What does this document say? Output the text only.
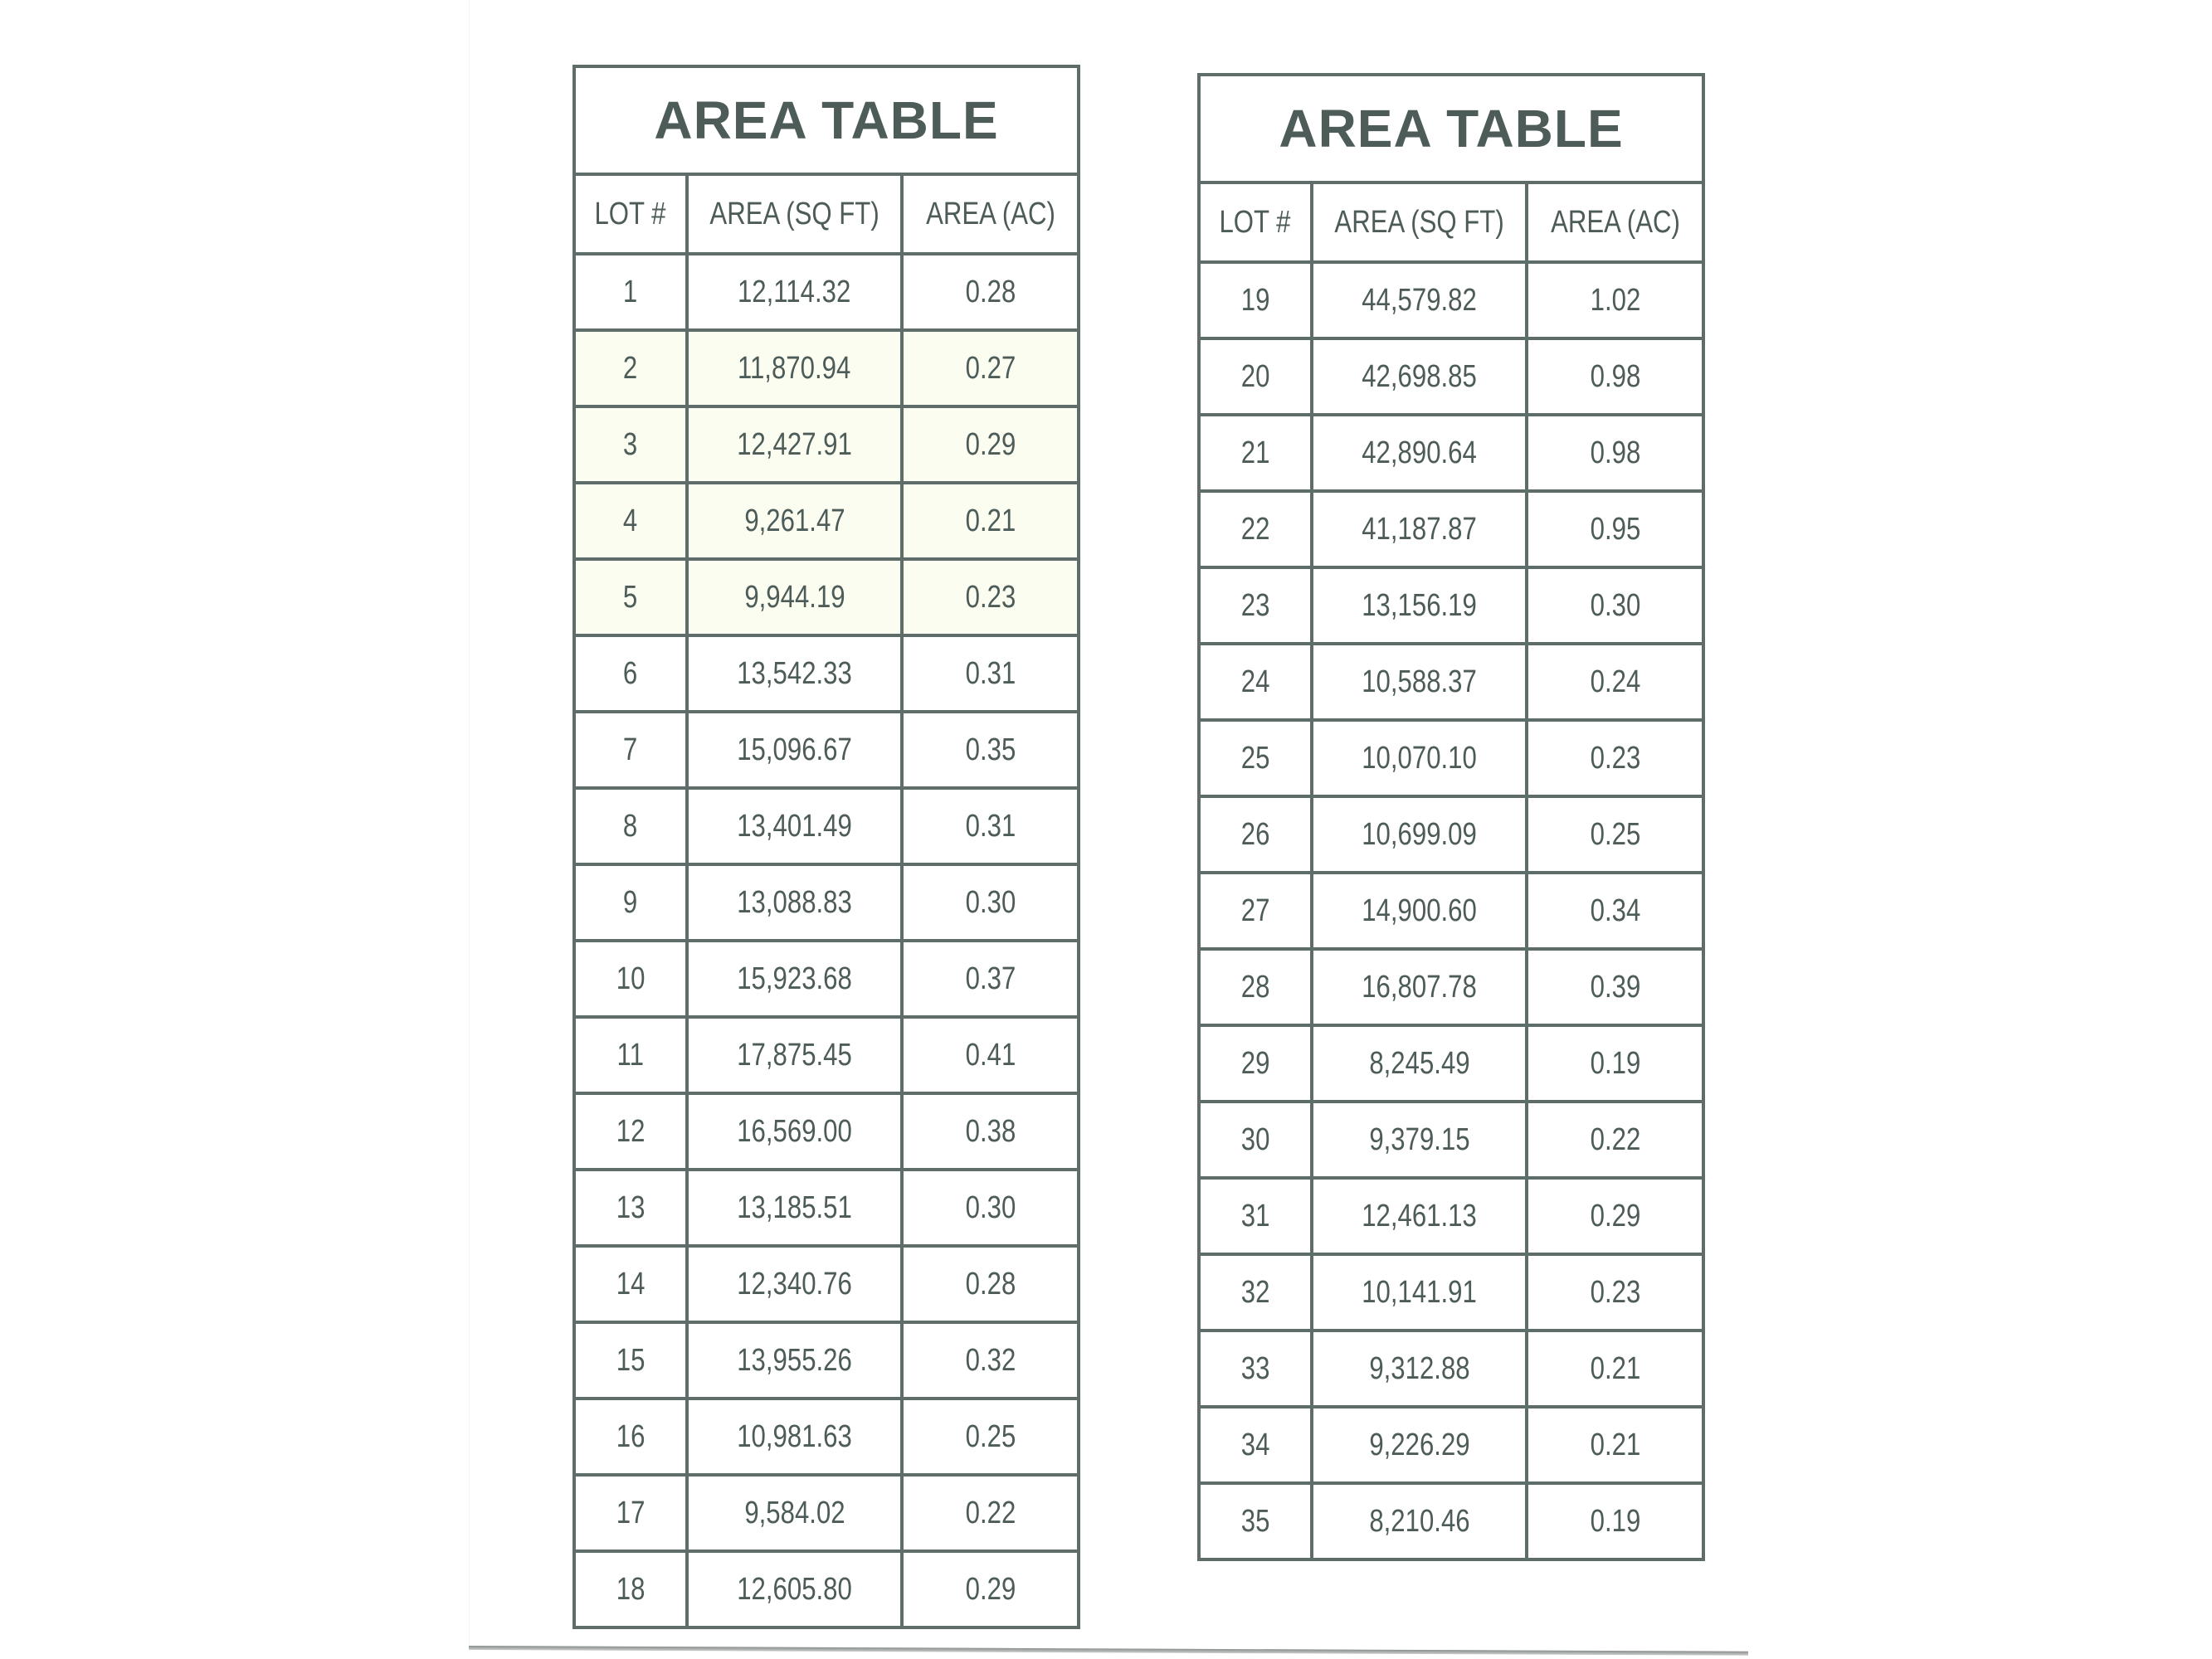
AREA TABLE		
LOT #	AREA (SQ FT)	AREA (AC)
1	12,114.32	0.28
2	11,870.94	0.27
3	12,427.91	0.29
4	9,261.47	0.21
5	9,944.19	0.23
6	13,542.33	0.31
7	15,096.67	0.35
8	13,401.49	0.31
9	13,088.83	0.30
10	15,923.68	0.37
11	17,875.45	0.41
12	16,569.00	0.38
13	13,185.51	0.30
14	12,340.76	0.28
15	13,955.26	0.32
16	10,981.63	0.25
17	9,584.02	0.22
18	12,605.80	0.29
AREA TABLE		
LOT #	AREA (SQ FT)	AREA (AC)
19	44,579.82	1.02
20	42,698.85	0.98
21	42,890.64	0.98
22	41,187.87	0.95
23	13,156.19	0.30
24	10,588.37	0.24
25	10,070.10	0.23
26	10,699.09	0.25
27	14,900.60	0.34
28	16,807.78	0.39
29	8,245.49	0.19
30	9,379.15	0.22
31	12,461.13	0.29
32	10,141.91	0.23
33	9,312.88	0.21
34	9,226.29	0.21
35	8,210.46	0.19
